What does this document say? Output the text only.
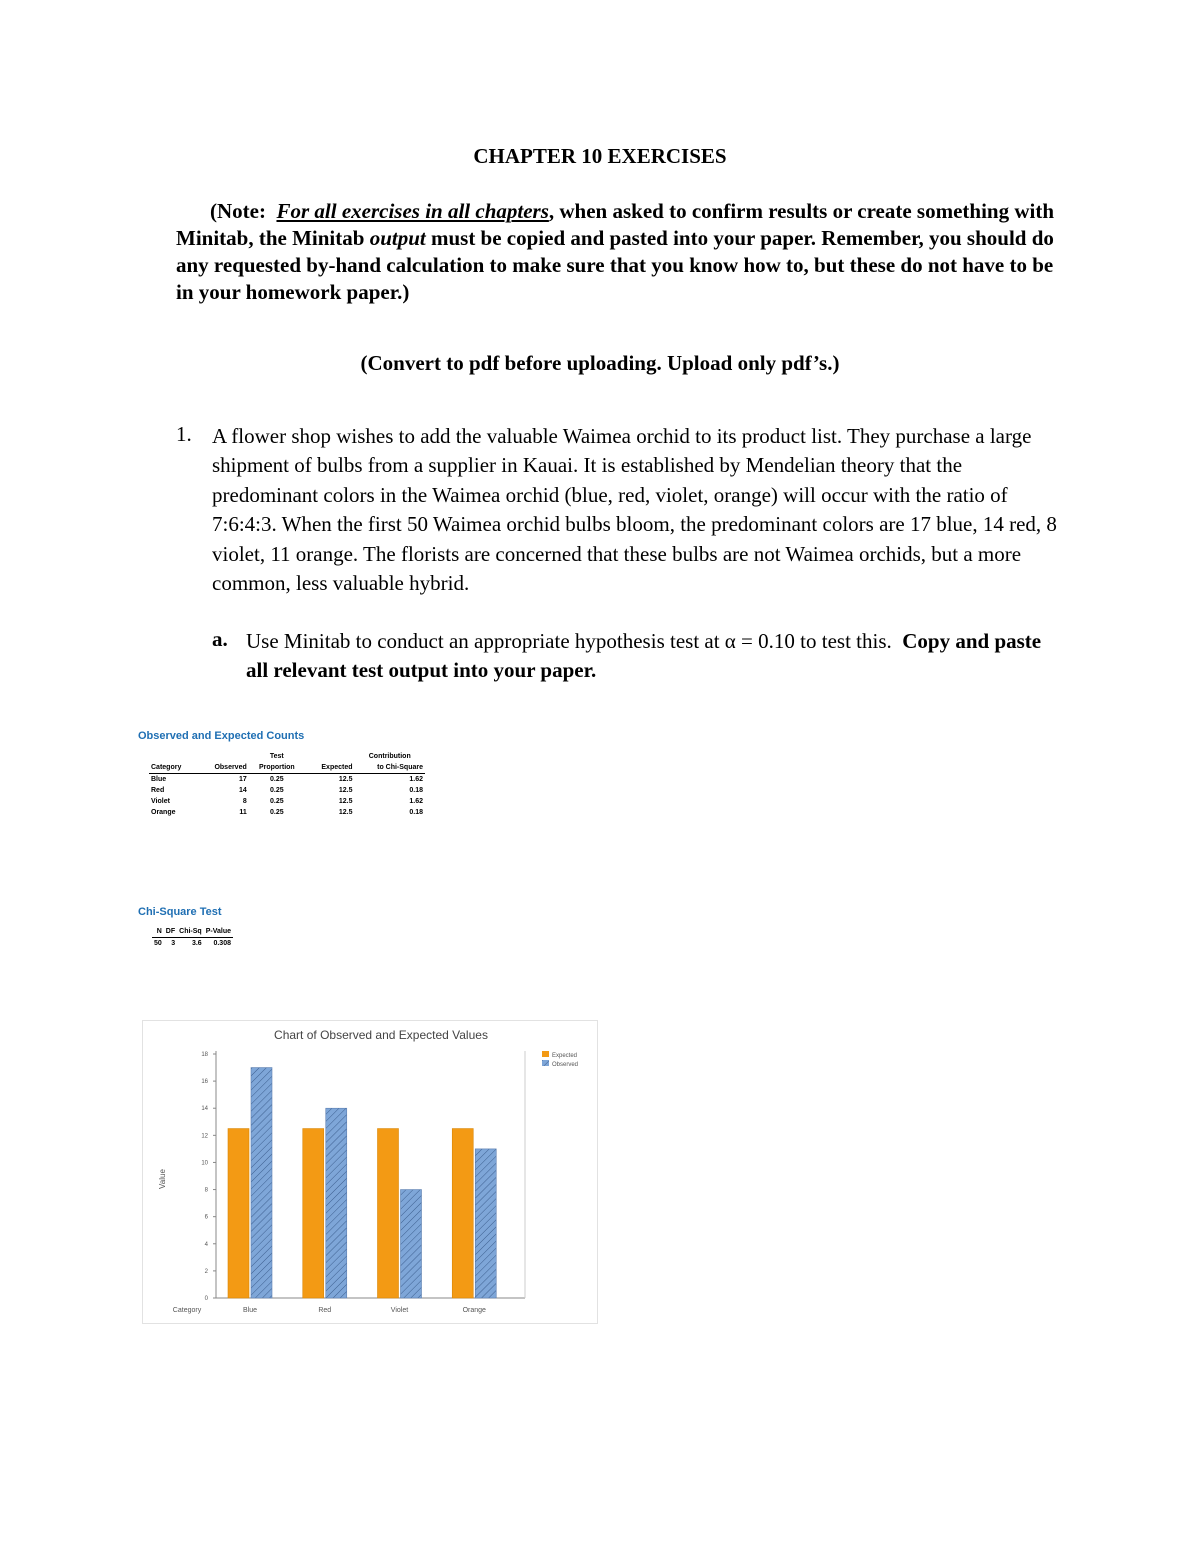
CHAPTER 10 EXERCISES
(Note: For all exercises in all chapters, when asked to confirm results or create something with Minitab, the Minitab output must be copied and pasted into your paper. Remember, you should do any requested by-hand calculation to make sure that you know how to, but these do not have to be in your homework paper.)
(Convert to pdf before uploading. Upload only pdf’s.)
1. A flower shop wishes to add the valuable Waimea orchid to its product list. They purchase a large shipment of bulbs from a supplier in Kauai. It is established by Mendelian theory that the predominant colors in the Waimea orchid (blue, red, violet, orange) will occur with the ratio of 7:6:4:3. When the first 50 Waimea orchid bulbs bloom, the predominant colors are 17 blue, 14 red, 8 violet, 11 orange. The florists are concerned that these bulbs are not Waimea orchids, but a more common, less valuable hybrid.
a. Use Minitab to conduct an appropriate hypothesis test at α = 0.10 to test this. Copy and paste all relevant test output into your paper.
Observed and Expected Counts
		Test		Contribution
Category	Observed	Proportion	Expected	to Chi-Square
Blue	17	0.25	12.5	1.62
Red	14	0.25	12.5	0.18
Violet	8	0.25	12.5	1.62
Orange	11	0.25	12.5	0.18
Chi-Square Test
N	DF	Chi-Sq	P-Value
50	3	3.6	0.308
Chart of Observed and Expected Values
Value
Category
0
2
4
6
8
10
12
14
16
18
Blue	Red	Violet	Orange
Expected
Observed
